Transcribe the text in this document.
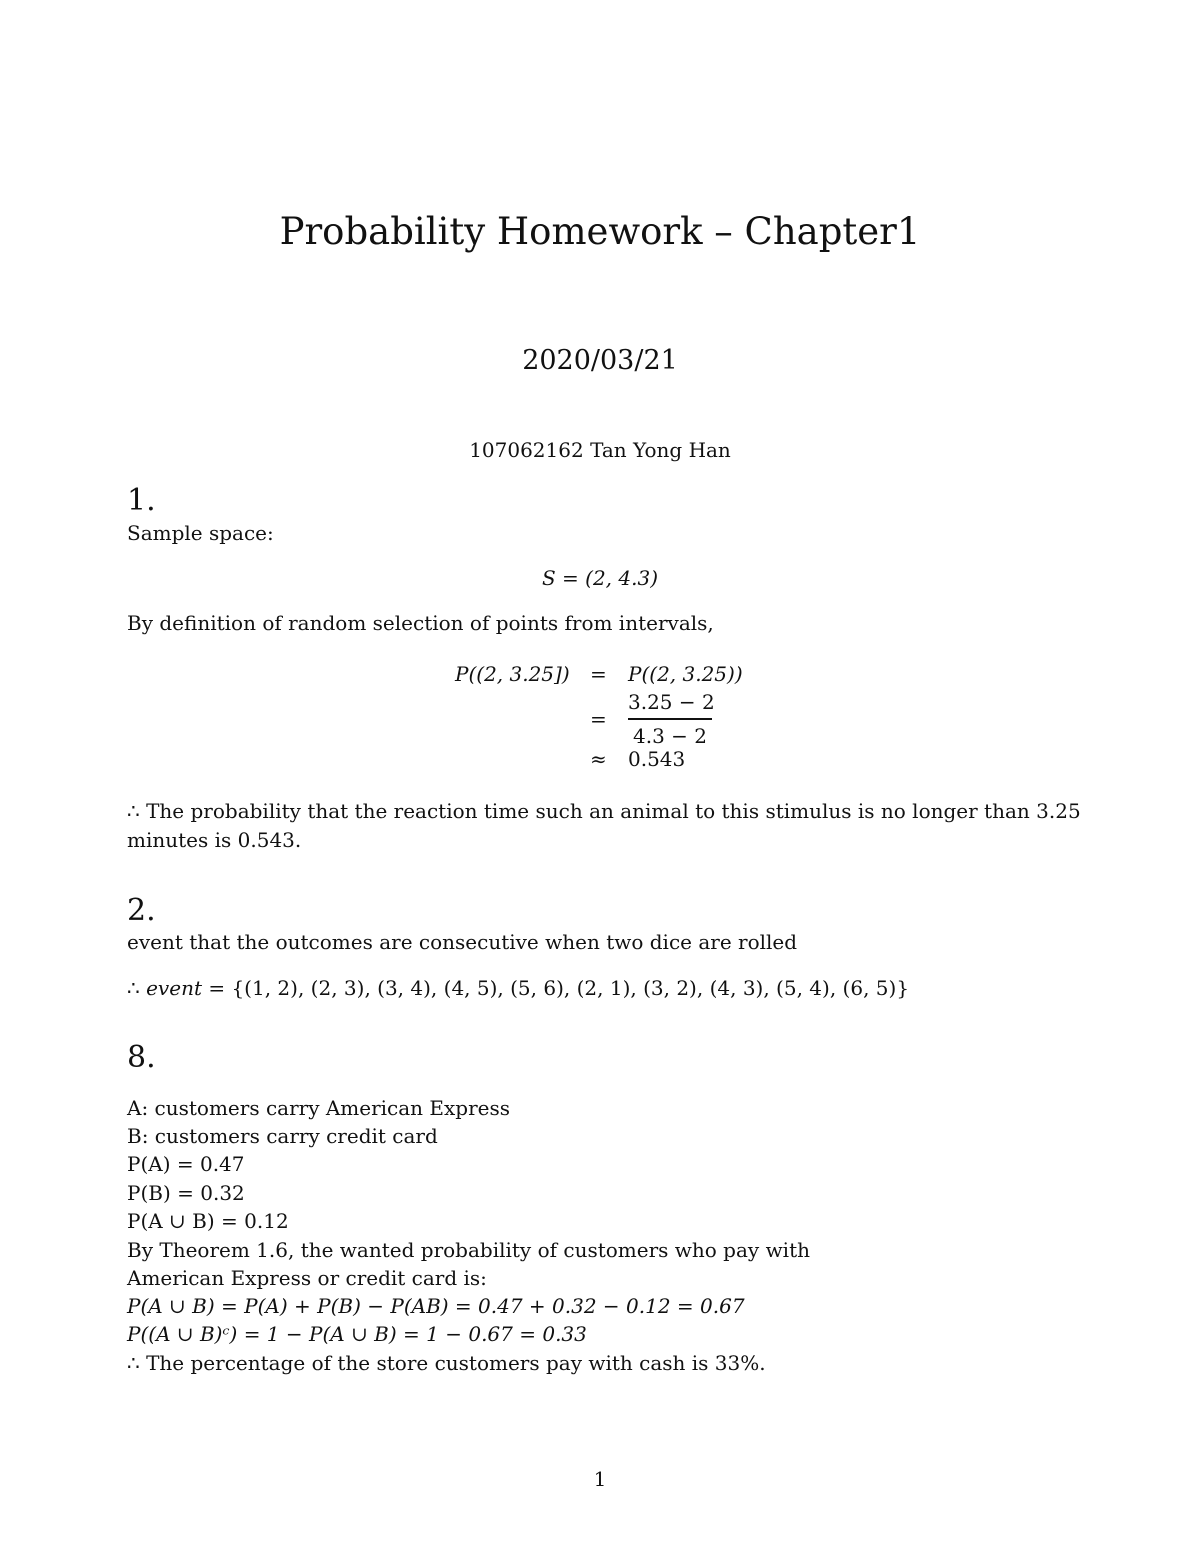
Probability Homework – Chapter1
2020/03/21
107062162 Tan Yong Han
1.
Sample space:
S = (2, 4.3)
By definition of random selection of points from intervals,
P((2, 3.25]) = P((2, 3.25))
=
3.25 − 2
4.3 − 2
≈ 0.543
∴ The probability that the reaction time such an animal to this stimulus is no longer than 3.25
minutes is 0.543.
2.
event that the outcomes are consecutive when two dice are rolled
∴ event = {(1, 2), (2, 3), (3, 4), (4, 5), (5, 6), (2, 1), (3, 2), (4, 3), (5, 4), (6, 5)}
8.
A: customers carry American Express
B: customers carry credit card
P(A) = 0.47
P(B) = 0.32
P(A ∪ B) = 0.12
By Theorem 1.6, the wanted probability of customers who pay with
American Express or credit card is:
P(A ∪ B) = P(A) + P(B) − P(AB) = 0.47 + 0.32 − 0.12 = 0.67
P((A ∪ B)ᶜ) = 1 − P(A ∪ B) = 1 − 0.67 = 0.33
∴ The percentage of the store customers pay with cash is 33%.
1
